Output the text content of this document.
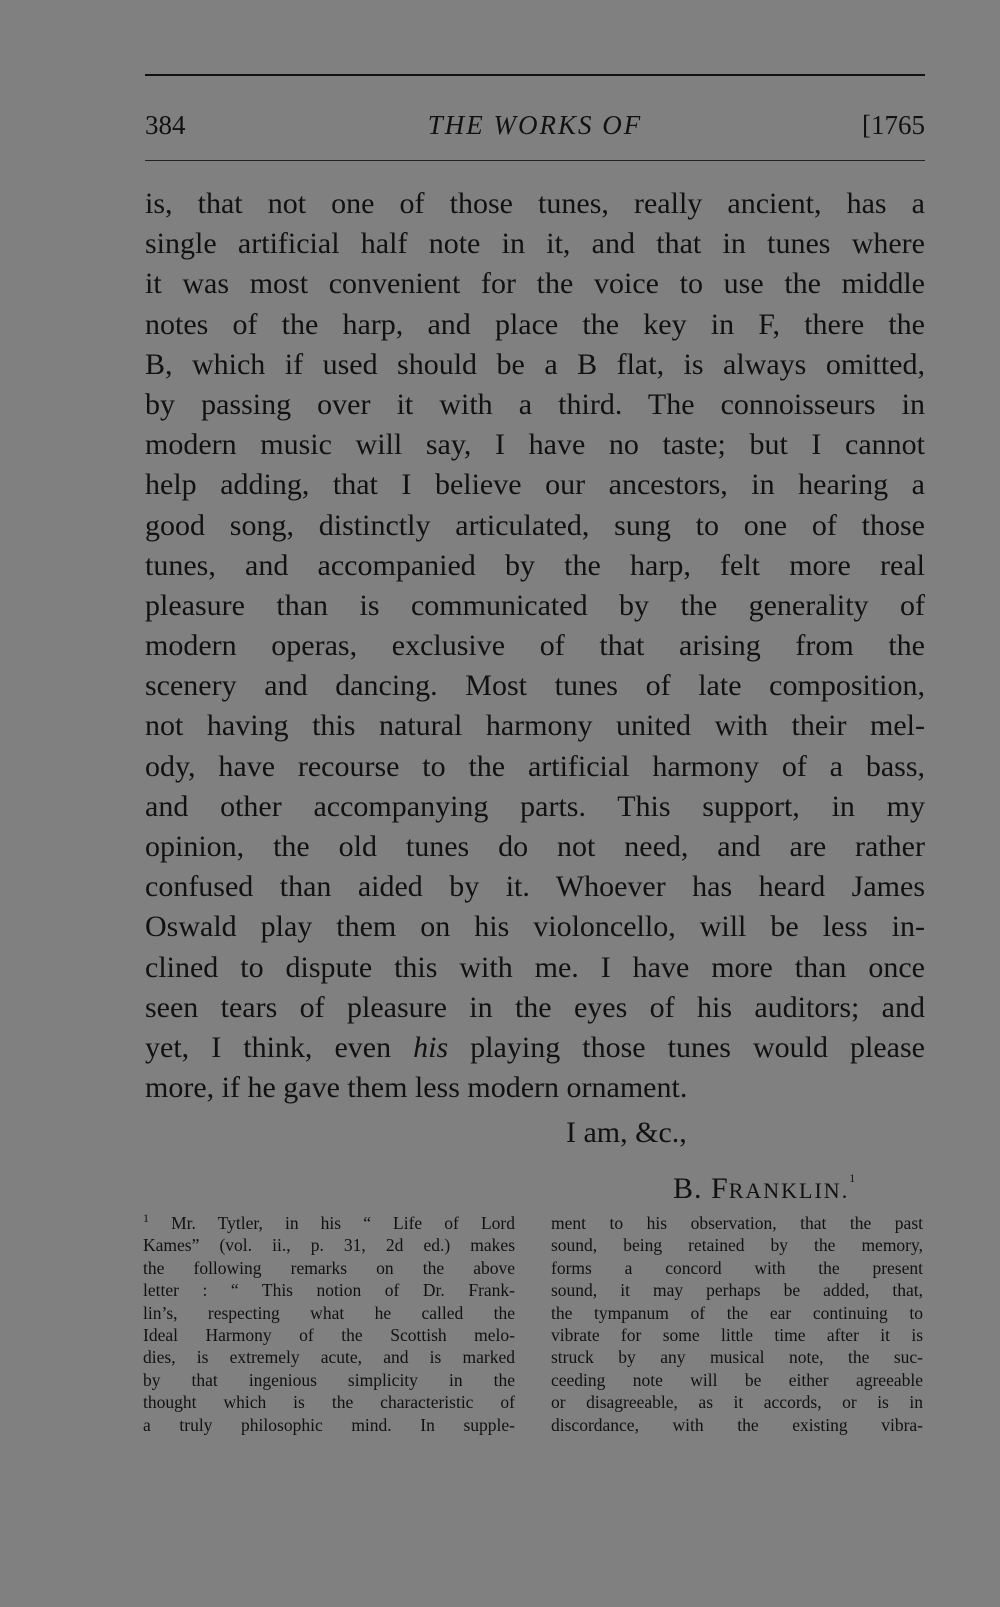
384	THE WORKS OF	[1765
is, that not one of those tunes, really ancient, has a
single artificial half note in it, and that in tunes where
it was most convenient for the voice to use the middle
notes of the harp, and place the key in F, there the
B, which if used should be a B flat, is always omitted,
by passing over it with a third. The connoisseurs in
modern music will say, I have no taste; but I cannot
help adding, that I believe our ancestors, in hearing a
good song, distinctly articulated, sung to one of those
tunes, and accompanied by the harp, felt more real
pleasure than is communicated by the generality of
modern operas, exclusive of that arising from the
scenery and dancing. Most tunes of late composition,
not having this natural harmony united with their mel-
ody, have recourse to the artificial harmony of a bass,
and other accompanying parts. This support, in my
opinion, the old tunes do not need, and are rather
confused than aided by it. Whoever has heard James
Oswald play them on his violoncello, will be less in-
clined to dispute this with me. I have more than once
seen tears of pleasure in the eyes of his auditors; and
yet, I think, even his playing those tunes would please
more, if he gave them less modern ornament.
I am, &c.,
B. FRANKLIN.$^1$
$^1$ Mr. Tytler, in his “ Life of Lord
Kames” (vol. ii., p. 31, 2d ed.) makes
the following remarks on the above
letter : “ This notion of Dr. Frank-
lin’s, respecting what he called the
Ideal Harmony of the Scottish melo-
dies, is extremely acute, and is marked
by that ingenious simplicity in the
thought which is the characteristic of
a truly philosophic mind. In supple-
ment to his observation, that the past
sound, being retained by the memory,
forms a concord with the present
sound, it may perhaps be added, that,
the tympanum of the ear continuing to
vibrate for some little time after it is
struck by any musical note, the suc-
ceeding note will be either agreeable
or disagreeable, as it accords, or is in
discordance, with the existing vibra-
